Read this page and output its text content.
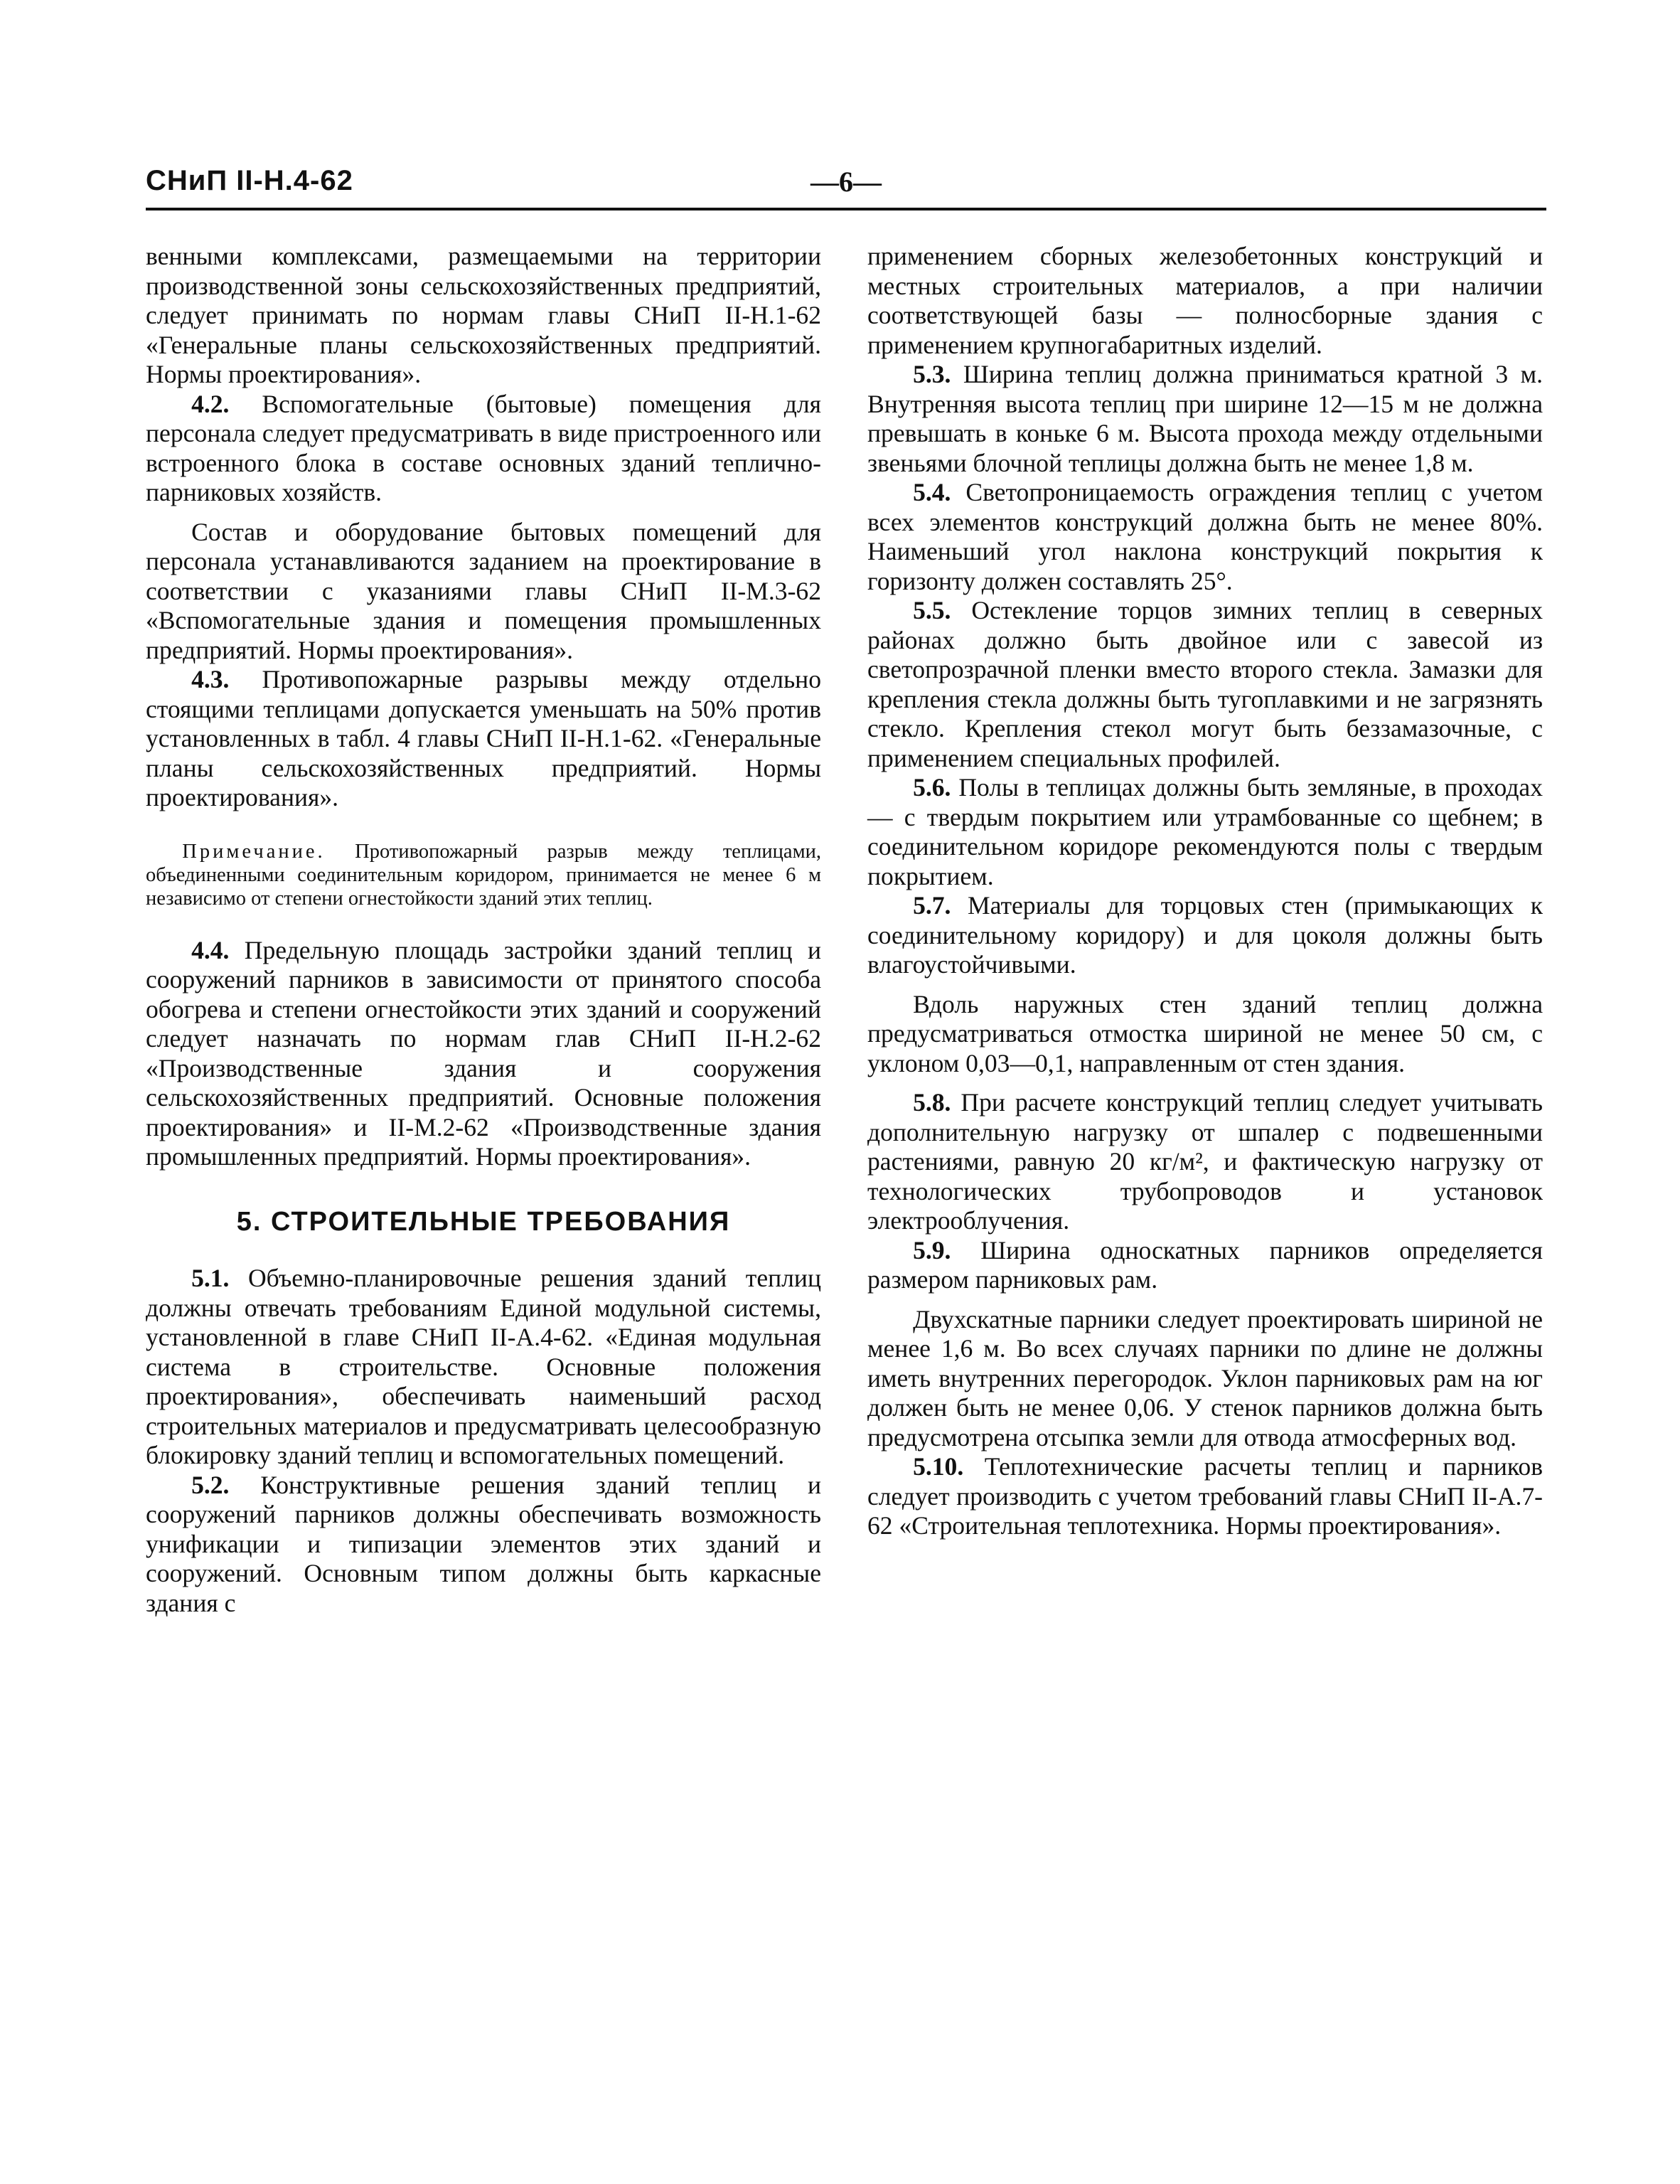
СНиП II-Н.4-62	—6—

венными комплексами, размещаемыми на территории производственной зоны сельскохозяйственных предприятий, следует принимать по нормам главы СНиП II-Н.1-62 «Генеральные планы сельскохозяйственных предприятий. Нормы проектирования».

4.2. Вспомогательные (бытовые) помещения для персонала следует предусматривать в виде пристроенного или встроенного блока в составе основных зданий теплично-парниковых хозяйств.

Состав и оборудование бытовых помещений для персонала устанавливаются заданием на проектирование в соответствии с указаниями главы СНиП II-М.3-62 «Вспомогательные здания и помещения промышленных предприятий. Нормы проектирования».

4.3. Противопожарные разрывы между отдельно стоящими теплицами допускается уменьшать на 50% против установленных в табл. 4 главы СНиП II-Н.1-62. «Генеральные планы сельскохозяйственных предприятий. Нормы проектирования».

Примечание. Противопожарный разрыв между теплицами, объединенными соединительным коридором, принимается не менее 6 м независимо от степени огнестойкости зданий этих теплиц.

4.4. Предельную площадь застройки зданий теплиц и сооружений парников в зависимости от принятого способа обогрева и степени огнестойкости этих зданий и сооружений следует назначать по нормам глав СНиП II-Н.2-62 «Производственные здания и сооружения сельскохозяйственных предприятий. Основные положения проектирования» и II-М.2-62 «Производственные здания промышленных предприятий. Нормы проектирования».

5. СТРОИТЕЛЬНЫЕ ТРЕБОВАНИЯ

5.1. Объемно-планировочные решения зданий теплиц должны отвечать требованиям Единой модульной системы, установленной в главе СНиП II-А.4-62. «Единая модульная система в строительстве. Основные положения проектирования», обеспечивать наименьший расход строительных материалов и предусматривать целесообразную блокировку зданий теплиц и вспомогательных помещений.

5.2. Конструктивные решения зданий теплиц и сооружений парников должны обеспечивать возможность унификации и типизации элементов этих зданий и сооружений. Основным типом должны быть каркасные здания с

применением сборных железобетонных конструкций и местных строительных материалов, а при наличии соответствующей базы — полносборные здания с применением крупногабаритных изделий.

5.3. Ширина теплиц должна приниматься кратной 3 м. Внутренняя высота теплиц при ширине 12—15 м не должна превышать в коньке 6 м. Высота прохода между отдельными звеньями блочной теплицы должна быть не менее 1,8 м.

5.4. Светопроницаемость ограждения теплиц с учетом всех элементов конструкций должна быть не менее 80%. Наименьший угол наклона конструкций покрытия к горизонту должен составлять 25°.

5.5. Остекление торцов зимних теплиц в северных районах должно быть двойное или с завесой из светопрозрачной пленки вместо второго стекла. Замазки для крепления стекла должны быть тугоплавкими и не загрязнять стекло. Крепления стекол могут быть беззамазочные, с применением специальных профилей.

5.6. Полы в теплицах должны быть земляные, в проходах — с твердым покрытием или утрамбованные со щебнем; в соединительном коридоре рекомендуются полы с твердым покрытием.

5.7. Материалы для торцовых стен (примыкающих к соединительному коридору) и для цоколя должны быть влагоустойчивыми.

Вдоль наружных стен зданий теплиц должна предусматриваться отмостка шириной не менее 50 см, с уклоном 0,03—0,1, направленным от стен здания.

5.8. При расчете конструкций теплиц следует учитывать дополнительную нагрузку от шпалер с подвешенными растениями, равную 20 кг/м², и фактическую нагрузку от технологических трубопроводов и установок электрооблучения.

5.9. Ширина односкатных парников определяется размером парниковых рам.

Двухскатные парники следует проектировать шириной не менее 1,6 м. Во всех случаях парники по длине не должны иметь внутренних перегородок. Уклон парниковых рам на юг должен быть не менее 0,06. У стенок парников должна быть предусмотрена отсыпка земли для отвода атмосферных вод.

5.10. Теплотехнические расчеты теплиц и парников следует производить с учетом требований главы СНиП II-А.7-62 «Строительная теплотехника. Нормы проектирования».
